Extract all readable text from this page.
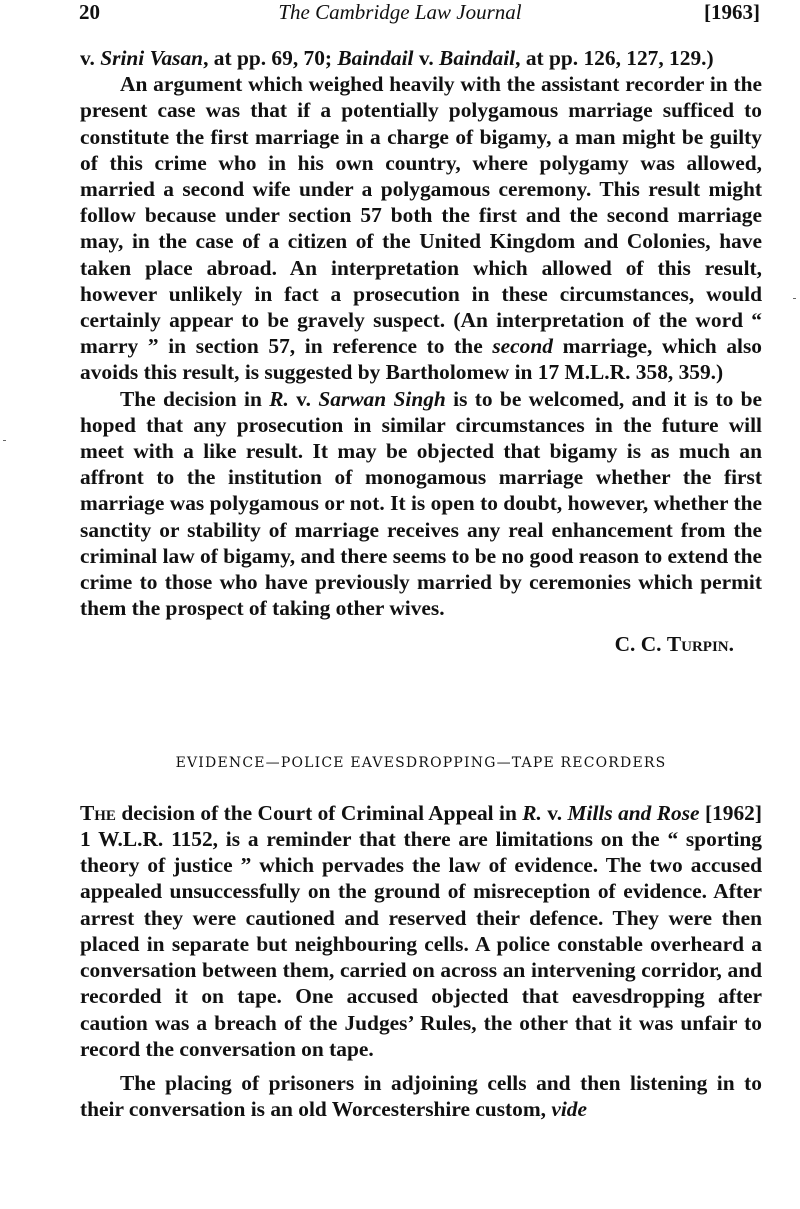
20	The Cambridge Law Journal	[1963]

v. Srini Vasan, at pp. 69, 70; Baindail v. Baindail, at pp. 126, 127, 129.)

An argument which weighed heavily with the assistant recorder in the present case was that if a potentially polygamous marriage sufficed to constitute the first marriage in a charge of bigamy, a man might be guilty of this crime who in his own country, where polygamy was allowed, married a second wife under a polygamous ceremony. This result might follow because under section 57 both the first and the second marriage may, in the case of a citizen of the United Kingdom and Colonies, have taken place abroad. An interpretation which allowed of this result, however unlikely in fact a prosecution in these circumstances, would certainly appear to be gravely suspect. (An interpretation of the word “ marry ” in section 57, in reference to the second marriage, which also avoids this result, is suggested by Bartholomew in 17 M.L.R. 358, 359.)

The decision in R. v. Sarwan Singh is to be welcomed, and it is to be hoped that any prosecution in similar circumstances in the future will meet with a like result. It may be objected that bigamy is as much an affront to the institution of monogamous marriage whether the first marriage was polygamous or not. It is open to doubt, however, whether the sanctity or stability of marriage receives any real enhancement from the criminal law of bigamy, and there seems to be no good reason to extend the crime to those who have previously married by ceremonies which permit them the prospect of taking other wives.

C. C. Turpin.

EVIDENCE—POLICE EAVESDROPPING—TAPE RECORDERS

The decision of the Court of Criminal Appeal in R. v. Mills and Rose [1962] 1 W.L.R. 1152, is a reminder that there are limitations on the “ sporting theory of justice ” which pervades the law of evidence. The two accused appealed unsuccessfully on the ground of misreception of evidence. After arrest they were cautioned and reserved their defence. They were then placed in separate but neighbouring cells. A police constable overheard a conversation between them, carried on across an intervening corridor, and recorded it on tape. One accused objected that eavesdropping after caution was a breach of the Judges’ Rules, the other that it was unfair to record the conversation on tape.

The placing of prisoners in adjoining cells and then listening in to their conversation is an old Worcestershire custom, vide
